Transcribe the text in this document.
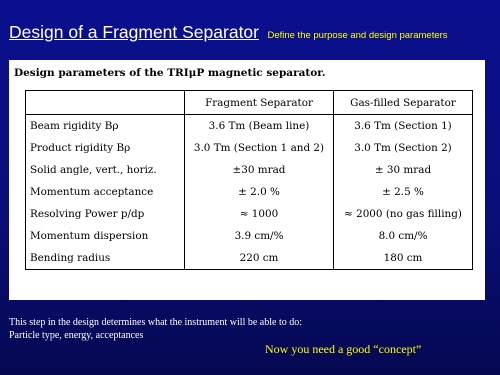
Design of a Fragment Separator Define the purpose and design parameters
Design parameters of the TRIμP magnetic separator.
	Fragment Separator	Gas-filled Separator
Beam rigidity Bρ	3.6 Tm (Beam line)	3.6 Tm (Section 1)
Product rigidity Bρ	3.0 Tm (Section 1 and 2)	3.0 Tm (Section 2)
Solid angle, vert., horiz.	±30 mrad	± 30 mrad
Momentum acceptance	± 2.0 %	± 2.5 %
Resolving Power p/dp	≈ 1000	≈ 2000 (no gas filling)
Momentum dispersion	3.9 cm/%	8.0 cm/%
Bending radius	220 cm	180 cm
This step in the design determines what the instrument will be able to do:
Particle type, energy, acceptances
Now you need a good “concept”
